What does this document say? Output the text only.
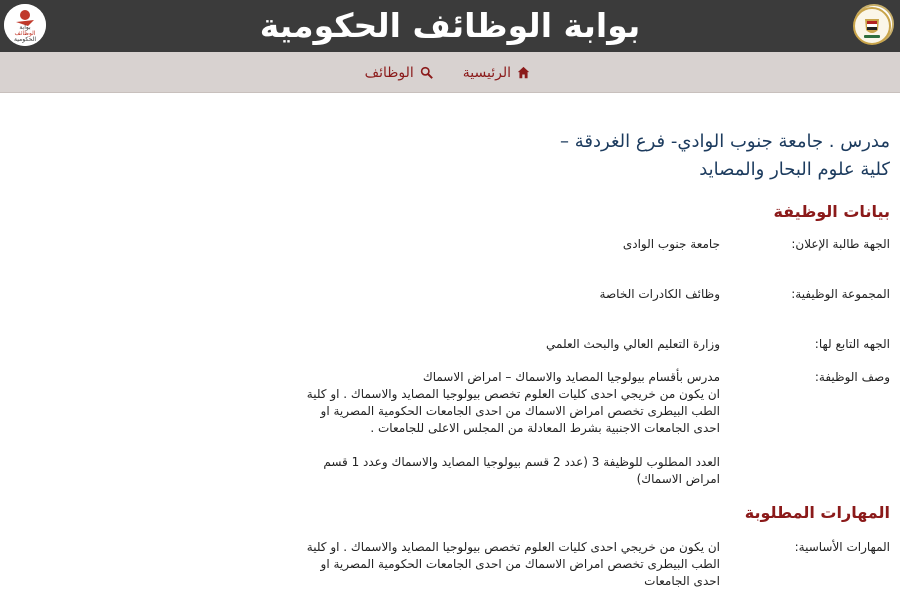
بوابة الوظائف الحكومية
بوابة
الوظائف
الحكومية
الرئيسية
الوظائف
مدرس . جامعة جنوب الوادي- فرع الغردقة – كلية علوم البحار والمصايد
بيانات الوظيفة
الجهة طالبة الإعلان:
جامعة جنوب الوادى
المجموعة الوظيفية:
وظائف الكادرات الخاصة
الجهه التابع لها:
وزارة التعليم العالي والبحث العلمي
وصف الوظيفة:

مدرس بأقسام بيولوجيا المصايد والاسماك – امراض الاسماك

ان يكون من خريجي احدى كليات العلوم تخصص بيولوجيا المصايد والاسماك . او كلية الطب البيطرى تخصص امراض الاسماك من احدى الجامعات الحكومية المصرية او احدى الجامعات الاجنبية بشرط المعادلة من المجلس الاعلى للجامعات .

العدد المطلوب للوظيفة 3 (عدد 2 قسم بيولوجيا المصايد والاسماك وعدد 1 قسم امراض الاسماك)

المهارات المطلوبة
المهارات الأساسية:
ان يكون من خريجي احدى كليات العلوم تخصص بيولوجيا المصايد والاسماك . او كلية الطب البيطرى تخصص امراض الاسماك من احدى الجامعات الحكومية المصرية او احدى الجامعات
